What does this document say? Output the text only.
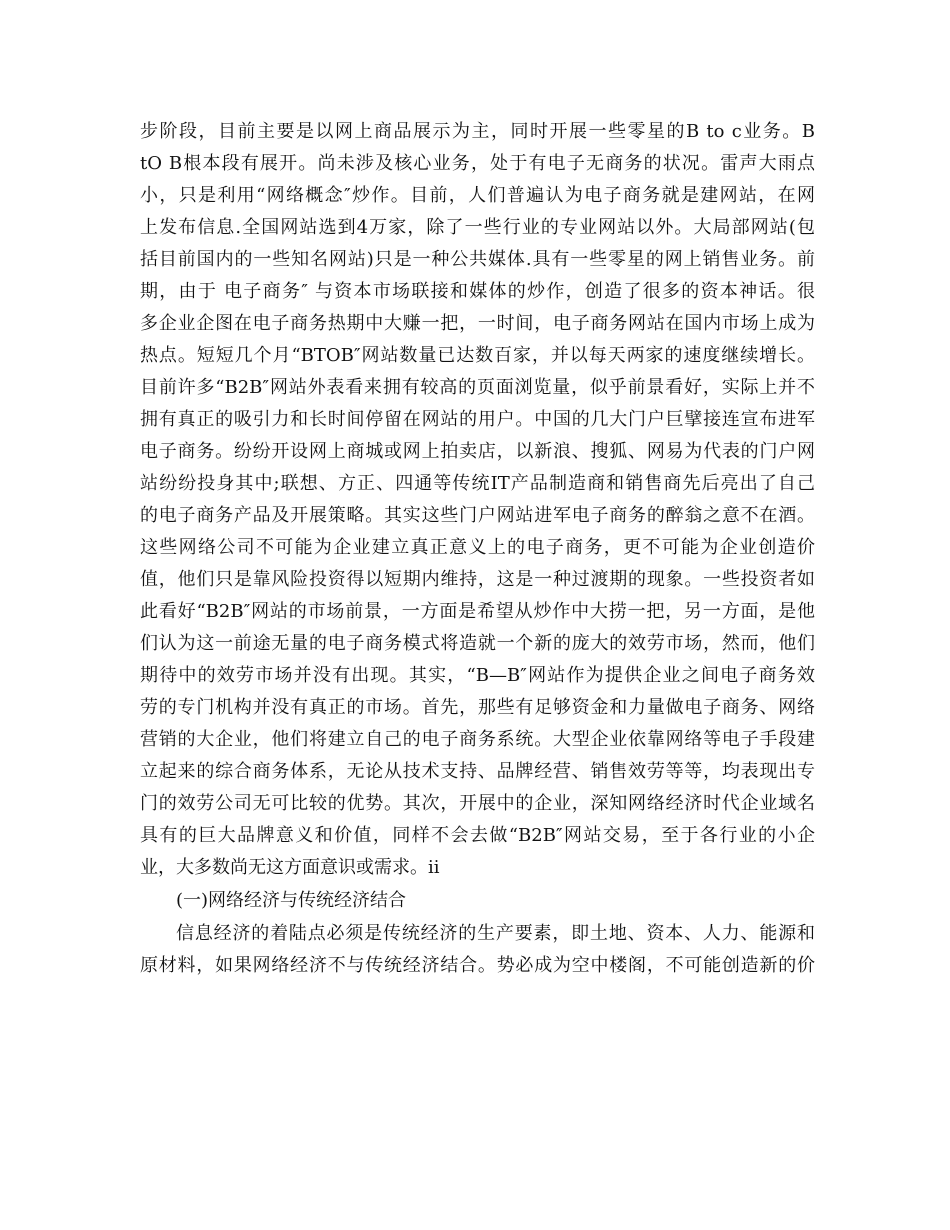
步阶段，目前主要是以网上商品展示为主，同时开展一些零星的B to c业务。B
tO B根本段有展开。尚未涉及核心业务，处于有电子无商务的状况。雷声大雨点
小，只是利用“网络概念″炒作。目前，人们普遍认为电子商务就是建网站，在网
上发布信息.全国网站选到4万家，除了一些行业的专业网站以外。大局部网站(包
括目前国内的一些知名网站)只是一种公共媒体.具有一些零星的网上销售业务。前
期，由于 电子商务″ 与资本市场联接和媒体的炒作，创造了很多的资本神话。很
多企业企图在电子商务热期中大赚一把，一时间，电子商务网站在国内市场上成为
热点。短短几个月“BTOB″网站数量已达数百家，并以每天两家的速度继续增长。
目前许多“B2B″网站外表看来拥有较高的页面浏览量，似乎前景看好，实际上并不
拥有真正的吸引力和长时间停留在网站的用户。中国的几大门户巨擘接连宣布进军
电子商务。纷纷开设网上商城或网上拍卖店，以新浪、搜狐、网易为代表的门户网
站纷纷投身其中;联想、方正、四通等传统IT产品制造商和销售商先后亮出了自己
的电子商务产品及开展策略。其实这些门户网站进军电子商务的醉翁之意不在酒。
这些网络公司不可能为企业建立真正意义上的电子商务，更不可能为企业创造价
值，他们只是靠风险投资得以短期内维持，这是一种过渡期的现象。一些投资者如
此看好“B2B″网站的市场前景，一方面是希望从炒作中大捞一把，另一方面，是他
们认为这一前途无量的电子商务模式将造就一个新的庞大的效劳市场，然而，他们
期待中的效劳市场并没有出现。其实，“B—B″网站作为提供企业之间电子商务效
劳的专门机构并没有真正的市场。首先，那些有足够资金和力量做电子商务、网络
营销的大企业，他们将建立自己的电子商务系统。大型企业依靠网络等电子手段建
立起来的综合商务体系，无论从技术支持、品牌经营、销售效劳等等，均表现出专
门的效劳公司无可比较的优势。其次，开展中的企业，深知网络经济时代企业域名
具有的巨大品牌意义和价值，同样不会去做“B2B″网站交易，至于各行业的小企
业，大多数尚无这方面意识或需求。ii
(一)网络经济与传统经济结合
信息经济的着陆点必须是传统经济的生产要素，即土地、资本、人力、能源和
原材料，如果网络经济不与传统经济结合。势必成为空中楼阁，不可能创造新的价
